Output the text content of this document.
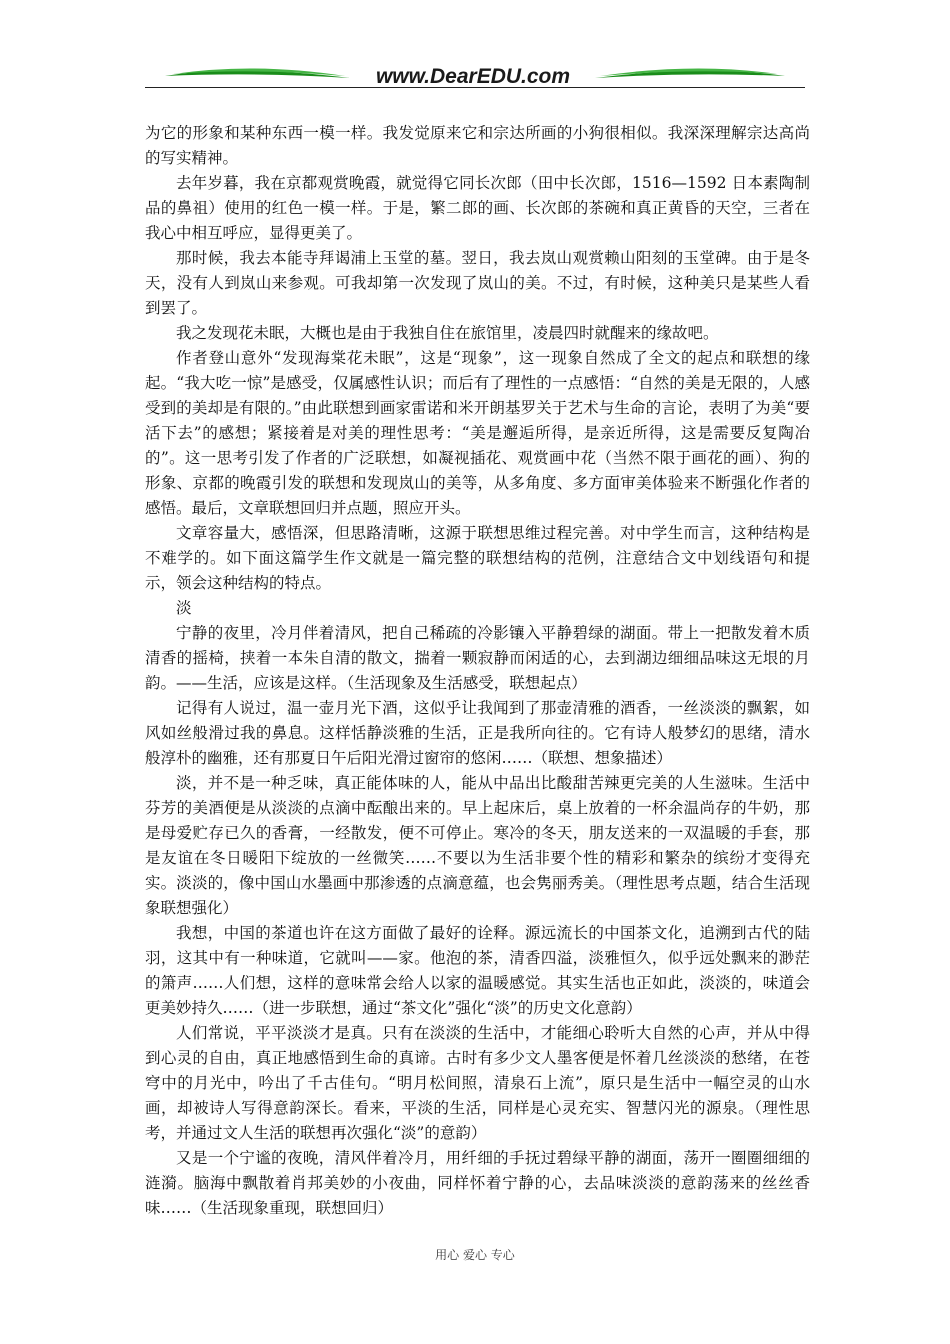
www.DearEDU.com

为它的形象和某种东西一模一样。我发觉原来它和宗达所画的小狗很相似。我深深理解宗达高尚的写实精神。

去年岁暮，我在京都观赏晚霞，就觉得它同长次郎（田中长次郎，1516—1592 日本素陶制品的鼻祖）使用的红色一模一样。于是，繁二郎的画、长次郎的茶碗和真正黄昏的天空，三者在我心中相互呼应，显得更美了。

那时候，我去本能寺拜谒浦上玉堂的墓。翌日，我去岚山观赏赖山阳刻的玉堂碑。由于是冬天，没有人到岚山来参观。可我却第一次发现了岚山的美。不过，有时候，这种美只是某些人看到罢了。

我之发现花未眠，大概也是由于我独自住在旅馆里，凌晨四时就醒来的缘故吧。

作者登山意外“发现海棠花未眠”，这是“现象”，这一现象自然成了全文的起点和联想的缘起。“我大吃一惊”是感受，仅属感性认识；而后有了理性的一点感悟：“自然的美是无限的，人感受到的美却是有限的。”由此联想到画家雷诺和米开朗基罗关于艺术与生命的言论，表明了为美“要活下去”的感想；紧接着是对美的理性思考：“美是邂逅所得，是亲近所得，这是需要反复陶冶的”。这一思考引发了作者的广泛联想，如凝视插花、观赏画中花（当然不限于画花的画）、狗的形象、京都的晚霞引发的联想和发现岚山的美等，从多角度、多方面审美体验来不断强化作者的感悟。最后，文章联想回归并点题，照应开头。

文章容量大，感悟深，但思路清晰，这源于联想思维过程完善。对中学生而言，这种结构是不难学的。如下面这篇学生作文就是一篇完整的联想结构的范例，注意结合文中划线语句和提示，领会这种结构的特点。

淡

宁静的夜里，冷月伴着清风，把自己稀疏的冷影镶入平静碧绿的湖面。带上一把散发着木质清香的摇椅，挟着一本朱自清的散文，揣着一颗寂静而闲适的心，去到湖边细细品味这无垠的月韵。——生活，应该是这样。（生活现象及生活感受，联想起点）

记得有人说过，温一壶月光下酒，这似乎让我闻到了那壶清雅的酒香，一丝淡淡的飘絮，如风如丝般滑过我的鼻息。这样恬静淡雅的生活，正是我所向往的。它有诗人般梦幻的思绪，清水般淳朴的幽雅，还有那夏日午后阳光滑过窗帘的悠闲……（联想、想象描述）

淡，并不是一种乏味，真正能体味的人，能从中品出比酸甜苦辣更完美的人生滋味。生活中芬芳的美酒便是从淡淡的点滴中酝酿出来的。早上起床后，桌上放着的一杯余温尚存的牛奶，那是母爱贮存已久的香膏，一经散发，便不可停止。寒冷的冬天，朋友送来的一双温暖的手套，那是友谊在冬日暖阳下绽放的一丝微笑……不要以为生活非要个性的精彩和繁杂的缤纷才变得充实。淡淡的，像中国山水墨画中那渗透的点滴意蕴，也会隽丽秀美。（理性思考点题，结合生活现象联想强化）

我想，中国的茶道也许在这方面做了最好的诠释。源远流长的中国茶文化，追溯到古代的陆羽，这其中有一种味道，它就叫——家。他泡的茶，清香四溢，淡雅恒久，似乎远处飘来的渺茫的箫声……人们想，这样的意味常会给人以家的温暖感觉。其实生活也正如此，淡淡的，味道会更美妙持久……（进一步联想，通过“茶文化”强化“淡”的历史文化意韵）

人们常说，平平淡淡才是真。只有在淡淡的生活中，才能细心聆听大自然的心声，并从中得到心灵的自由，真正地感悟到生命的真谛。古时有多少文人墨客便是怀着几丝淡淡的愁绪，在苍穹中的月光中，吟出了千古佳句。“明月松间照，清泉石上流”，原只是生活中一幅空灵的山水画，却被诗人写得意韵深长。看来，平淡的生活，同样是心灵充实、智慧闪光的源泉。（理性思考，并通过文人生活的联想再次强化“淡”的意韵）

又是一个宁谧的夜晚，清风伴着冷月，用纤细的手抚过碧绿平静的湖面，荡开一圈圈细细的涟漪。脑海中飘散着肖邦美妙的小夜曲，同样怀着宁静的心，去品味淡淡的意韵荡来的丝丝香味……（生活现象重现，联想回归）

用心 爱心 专心
